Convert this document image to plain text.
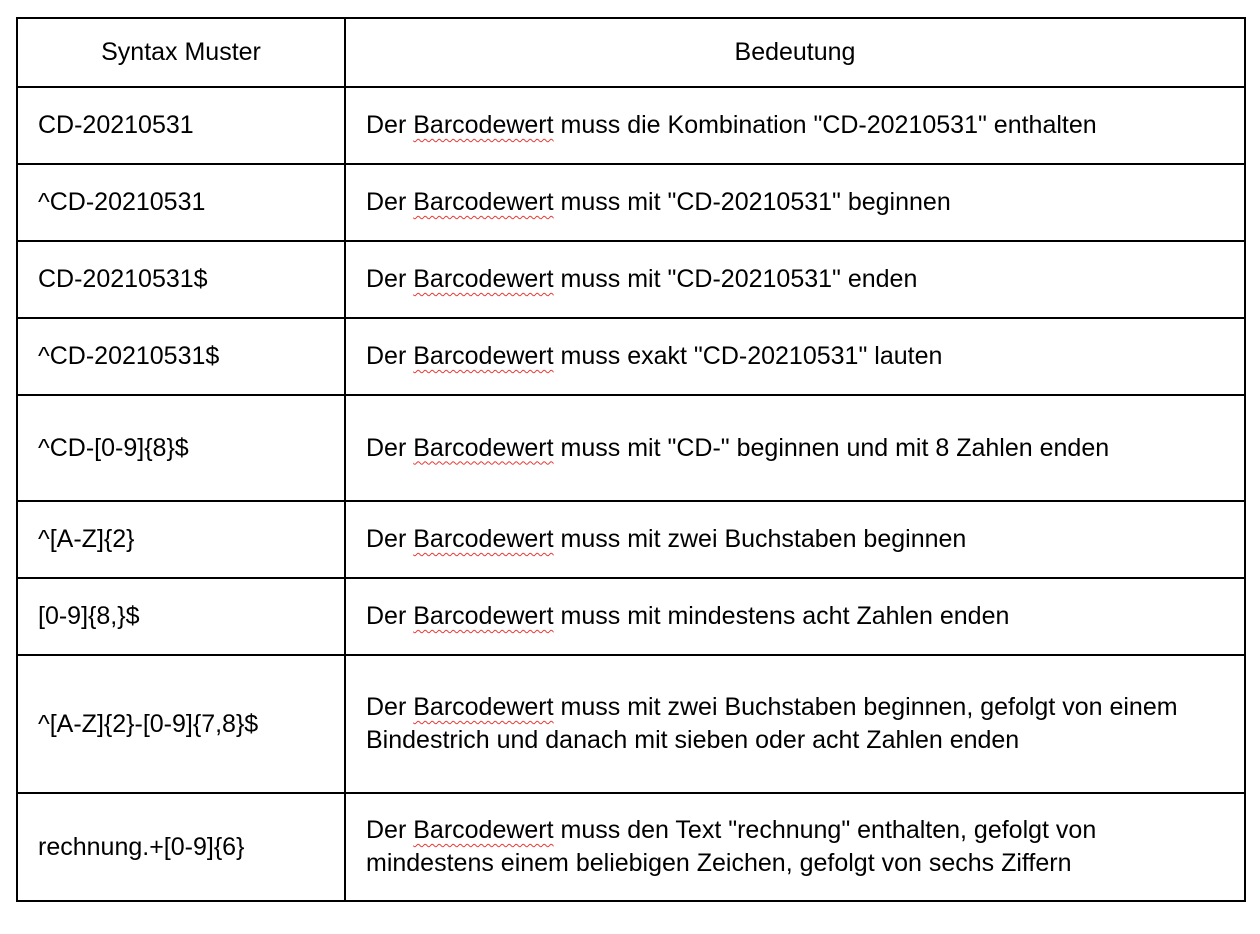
Syntax Muster	Bedeutung
CD-20210531	Der Barcodewert muss die Kombination "CD-20210531" enthalten
^CD-20210531	Der Barcodewert muss mit "CD-20210531" beginnen
CD-20210531$	Der Barcodewert muss mit "CD-20210531" enden
^CD-20210531$	Der Barcodewert muss exakt "CD-20210531" lauten
^CD-[0-9]{8}$	Der Barcodewert muss mit "CD-" beginnen und mit 8 Zahlen enden
^[A-Z]{2}	Der Barcodewert muss mit zwei Buchstaben beginnen
[0-9]{8,}$	Der Barcodewert muss mit mindestens acht Zahlen enden
^[A-Z]{2}-[0-9]{7,8}$	Der Barcodewert muss mit zwei Buchstaben beginnen, gefolgt von einem Bindestrich und danach mit sieben oder acht Zahlen enden
rechnung.+[0-9]{6}	Der Barcodewert muss den Text "rechnung" enthalten, gefolgt von mindestens einem beliebigen Zeichen, gefolgt von sechs Ziffern
